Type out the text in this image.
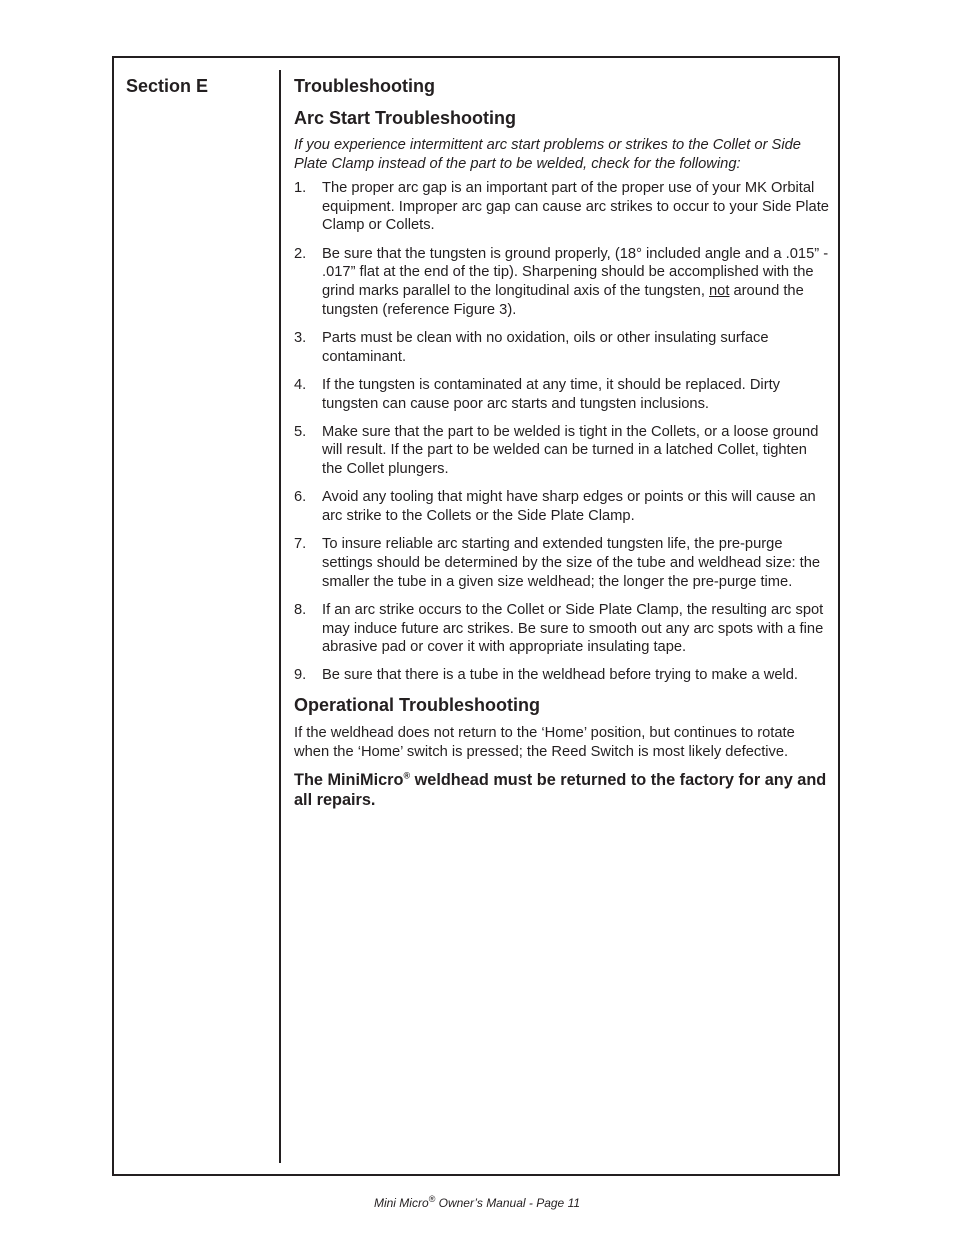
Section E	Troubleshooting
Arc Start Troubleshooting

If you experience intermittent arc start problems or strikes to the Collet or Side Plate Clamp instead of the part to be welded, check for the following:

1. The proper arc gap is an important part of the proper use of your MK Orbital equipment. Improper arc gap can cause arc strikes to occur to your Side Plate Clamp or Collets.
2. Be sure that the tungsten is ground properly, (18° included angle and a .015” - .017” flat at the end of the tip). Sharpening should be accomplished with the grind marks parallel to the longitudinal axis of the tungsten, not around the tungsten (reference Figure 3).
3. Parts must be clean with no oxidation, oils or other insulating surface contaminant.
4. If the tungsten is contaminated at any time, it should be replaced. Dirty tungsten can cause poor arc starts and tungsten inclusions.
5. Make sure that the part to be welded is tight in the Collets, or a loose ground will result. If the part to be welded can be turned in a latched Collet, tighten the Collet plungers.
6. Avoid any tooling that might have sharp edges or points or this will cause an arc strike to the Collets or the Side Plate Clamp.
7. To insure reliable arc starting and extended tungsten life, the pre-purge settings should be determined by the size of the tube and weldhead size: the smaller the tube in a given size weldhead; the longer the pre-purge time.
8. If an arc strike occurs to the Collet or Side Plate Clamp, the resulting arc spot may induce future arc strikes. Be sure to smooth out any arc spots with a fine abrasive pad or cover it with appropriate insulating tape.
9. Be sure that there is a tube in the weldhead before trying to make a weld.
Operational Troubleshooting

If the weldhead does not return to the ‘Home’ position, but continues to rotate when the ‘Home’ switch is pressed; the Reed Switch is most likely defective.

The MiniMicro® weldhead must be returned to the factory for any and all repairs.

Mini Micro® Owner’s Manual - Page 11
